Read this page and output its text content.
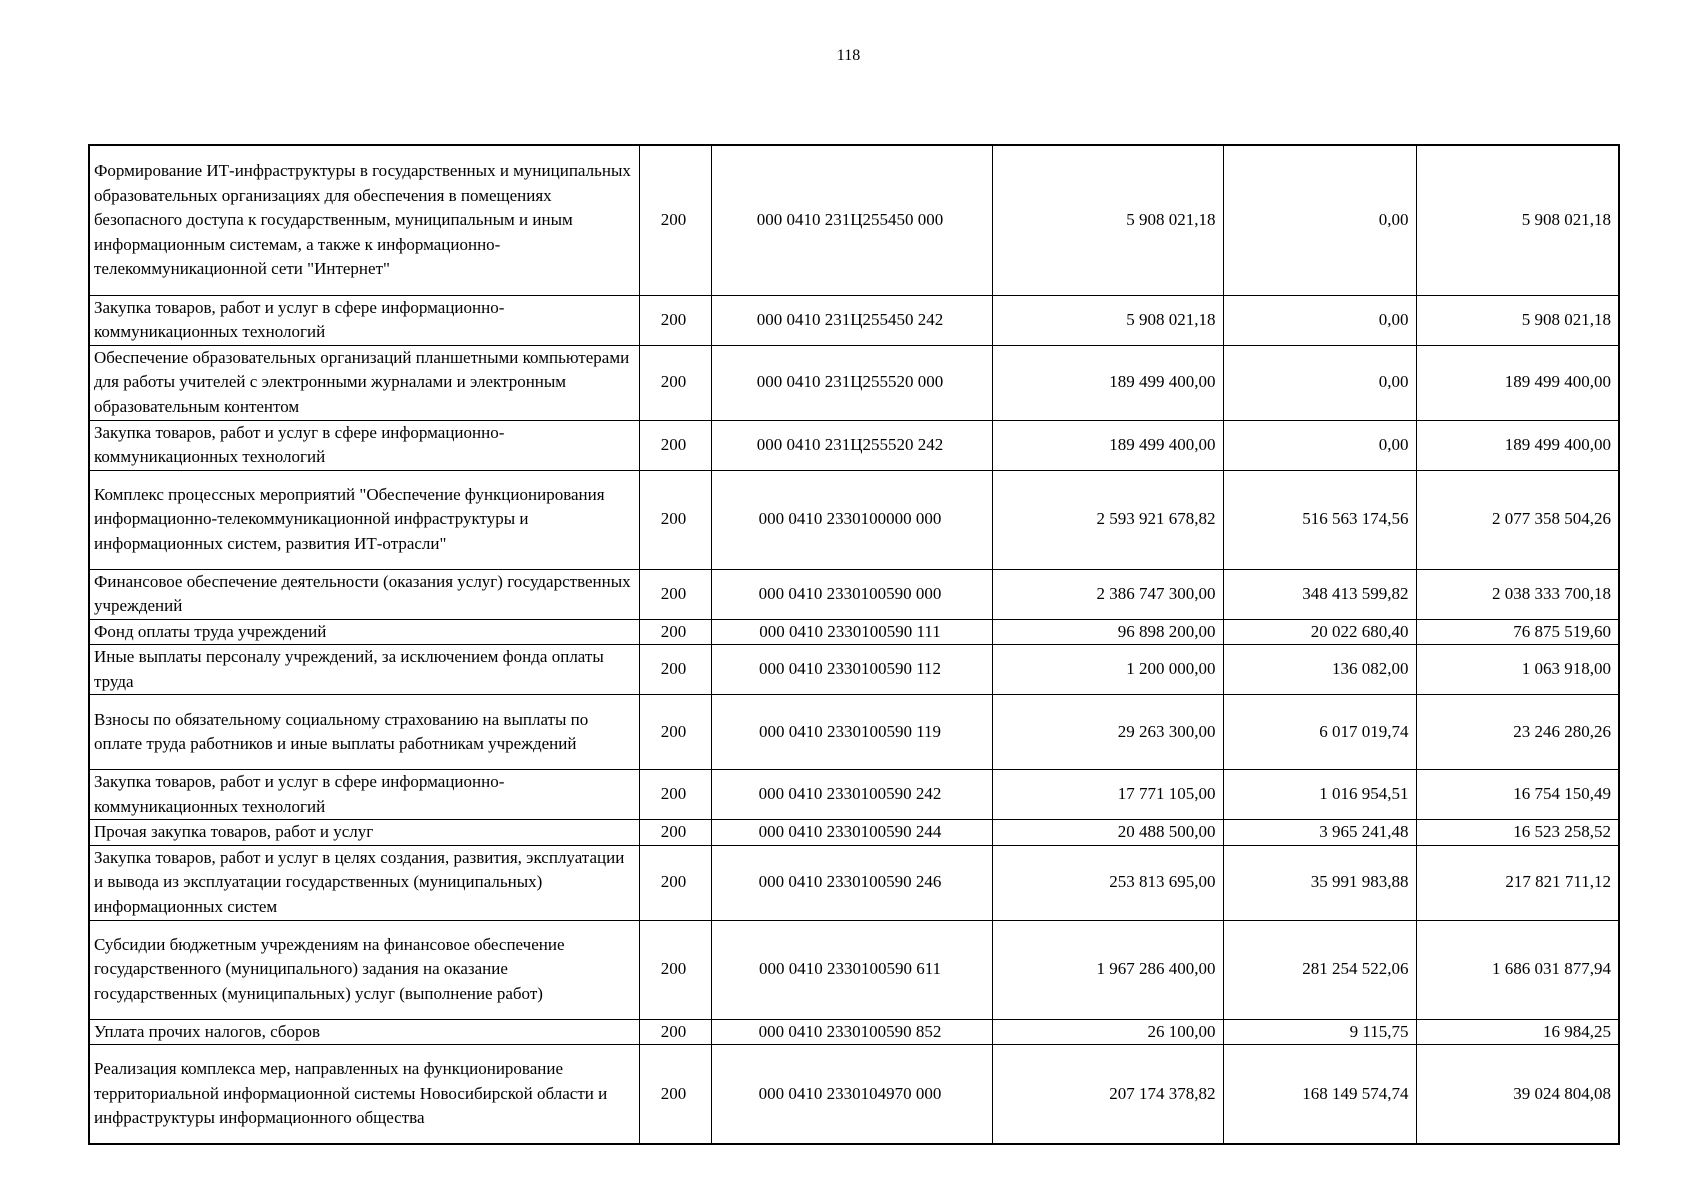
118
Формирование ИТ-инфраструктуры в государственных и муниципальных образовательных организациях для обеспечения в помещениях безопасного доступа к государственным, муниципальным и иным информационным системам, а также к информационно-телекоммуникационной сети "Интернет"	200	000 0410 231Ц255450 000	5 908 021,18	0,00	5 908 021,18
Закупка товаров, работ и услуг в сфере информационно-коммуникационных технологий	200	000 0410 231Ц255450 242	5 908 021,18	0,00	5 908 021,18
Обеспечение образовательных организаций планшетными компьютерами для работы учителей с электронными журналами и электронным образовательным контентом	200	000 0410 231Ц255520 000	189 499 400,00	0,00	189 499 400,00
Закупка товаров, работ и услуг в сфере информационно-коммуникационных технологий	200	000 0410 231Ц255520 242	189 499 400,00	0,00	189 499 400,00
Комплекс процессных мероприятий "Обеспечение функционирования информационно-телекоммуникационной инфраструктуры и информационных систем, развития ИТ-отрасли"	200	000 0410 2330100000 000	2 593 921 678,82	516 563 174,56	2 077 358 504,26
Финансовое обеспечение деятельности (оказания услуг) государственных учреждений	200	000 0410 2330100590 000	2 386 747 300,00	348 413 599,82	2 038 333 700,18
Фонд оплаты труда учреждений	200	000 0410 2330100590 111	96 898 200,00	20 022 680,40	76 875 519,60
Иные выплаты персоналу учреждений, за исключением фонда оплаты труда	200	000 0410 2330100590 112	1 200 000,00	136 082,00	1 063 918,00
Взносы по обязательному социальному страхованию на выплаты по оплате труда работников и иные выплаты работникам учреждений	200	000 0410 2330100590 119	29 263 300,00	6 017 019,74	23 246 280,26
Закупка товаров, работ и услуг в сфере информационно-коммуникационных технологий	200	000 0410 2330100590 242	17 771 105,00	1 016 954,51	16 754 150,49
Прочая закупка товаров, работ и услуг	200	000 0410 2330100590 244	20 488 500,00	3 965 241,48	16 523 258,52
Закупка товаров, работ и услуг в целях создания, развития, эксплуатации и вывода из эксплуатации государственных (муниципальных) информационных систем	200	000 0410 2330100590 246	253 813 695,00	35 991 983,88	217 821 711,12
Субсидии бюджетным учреждениям на финансовое обеспечение государственного (муниципального) задания на оказание государственных (муниципальных) услуг (выполнение работ)	200	000 0410 2330100590 611	1 967 286 400,00	281 254 522,06	1 686 031 877,94
Уплата прочих налогов, сборов	200	000 0410 2330100590 852	26 100,00	9 115,75	16 984,25
Реализация комплекса мер, направленных на функционирование территориальной информационной системы Новосибирской области и инфраструктуры информационного общества	200	000 0410 2330104970 000	207 174 378,82	168 149 574,74	39 024 804,08
